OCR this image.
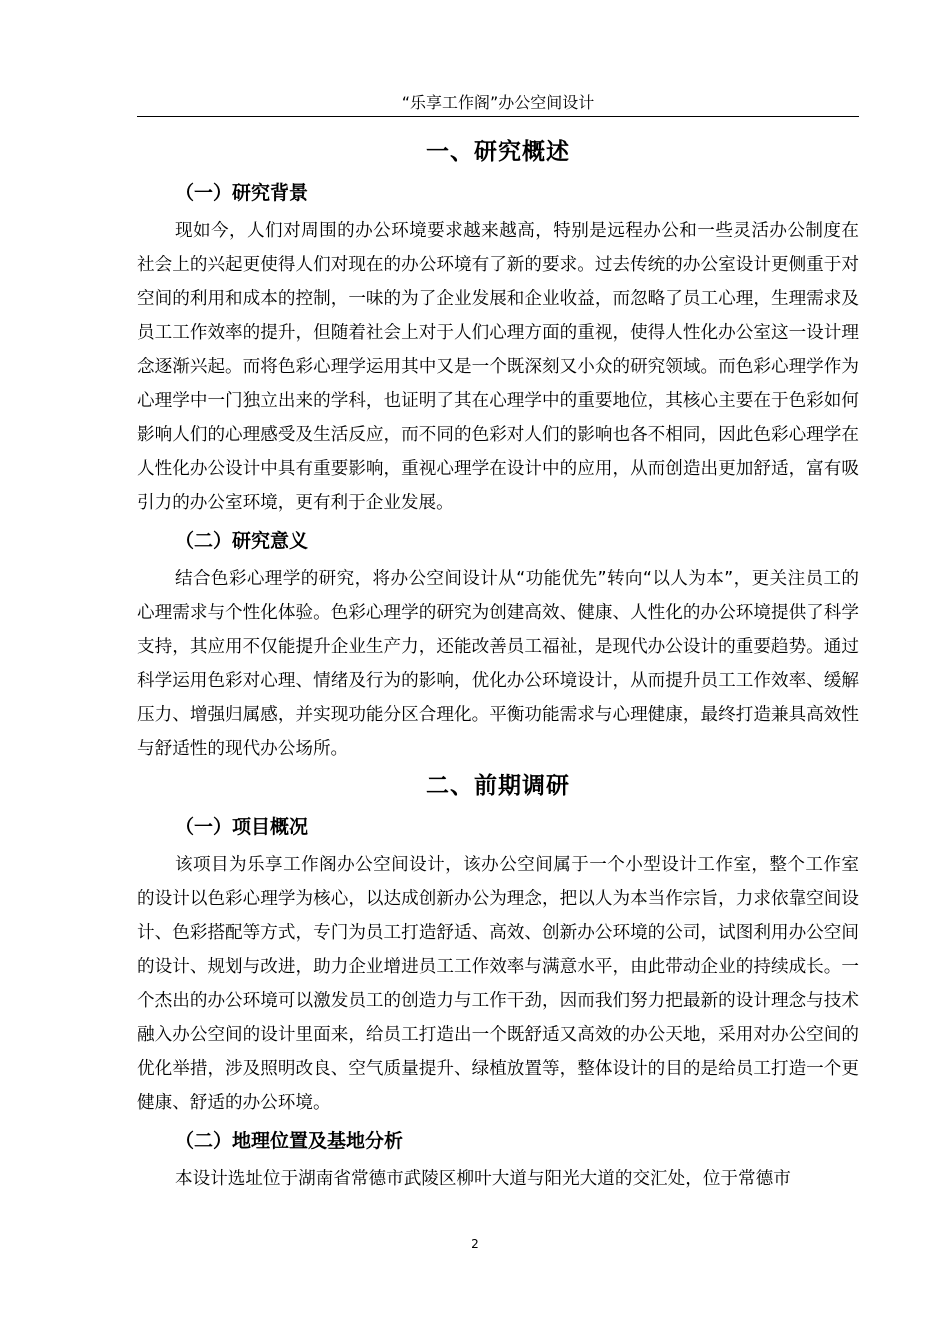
“乐享工作阁”办公空间设计
一、研究概述
（一）研究背景

现如今，人们对周围的办公环境要求越来越高，特别是远程办公和一些灵活办公制度在社会上的兴起更使得人们对现在的办公环境有了新的要求。过去传统的办公室设计更侧重于对空间的利用和成本的控制，一味的为了企业发展和企业收益，而忽略了员工心理，生理需求及员工工作效率的提升，但随着社会上对于人们心理方面的重视，使得人性化办公室这一设计理念逐渐兴起。而将色彩心理学运用其中又是一个既深刻又小众的研究领域。而色彩心理学作为心理学中一门独立出来的学科，也证明了其在心理学中的重要地位，其核心主要在于色彩如何影响人们的心理感受及生活反应，而不同的色彩对人们的影响也各不相同，因此色彩心理学在人性化办公设计中具有重要影响，重视心理学在设计中的应用，从而创造出更加舒适，富有吸引力的办公室环境，更有利于企业发展。

（二）研究意义

结合色彩心理学的研究，将办公空间设计从“功能优先”转向“以人为本”，更关注员工的心理需求与个性化体验。色彩心理学的研究为创建高效、健康、人性化的办公环境提供了科学支持，其应用不仅能提升企业生产力，还能改善员工福祉，是现代办公设计的重要趋势。通过科学运用色彩对心理、情绪及行为的影响，优化办公环境设计，从而提升员工工作效率、缓解压力、增强归属感，并实现功能分区合理化。平衡功能需求与心理健康，最终打造兼具高效性与舒适性的现代办公场所。

二、前期调研
（一）项目概况

该项目为乐享工作阁办公空间设计，该办公空间属于一个小型设计工作室，整个工作室的设计以色彩心理学为核心，以达成创新办公为理念，把以人为本当作宗旨，力求依靠空间设计、色彩搭配等方式，专门为员工打造舒适、高效、创新办公环境的公司，试图利用办公空间的设计、规划与改进，助力企业增进员工工作效率与满意水平，由此带动企业的持续成长。一个杰出的办公环境可以激发员工的创造力与工作干劲，因而我们努力把最新的设计理念与技术融入办公空间的设计里面来，给员工打造出一个既舒适又高效的办公天地，采用对办公空间的优化举措，涉及照明改良、空气质量提升、绿植放置等，整体设计的目的是给员工打造一个更健康、舒适的办公环境。

（二）地理位置及基地分析

本设计选址位于湖南省常德市武陵区柳叶大道与阳光大道的交汇处，位于常德市

2
